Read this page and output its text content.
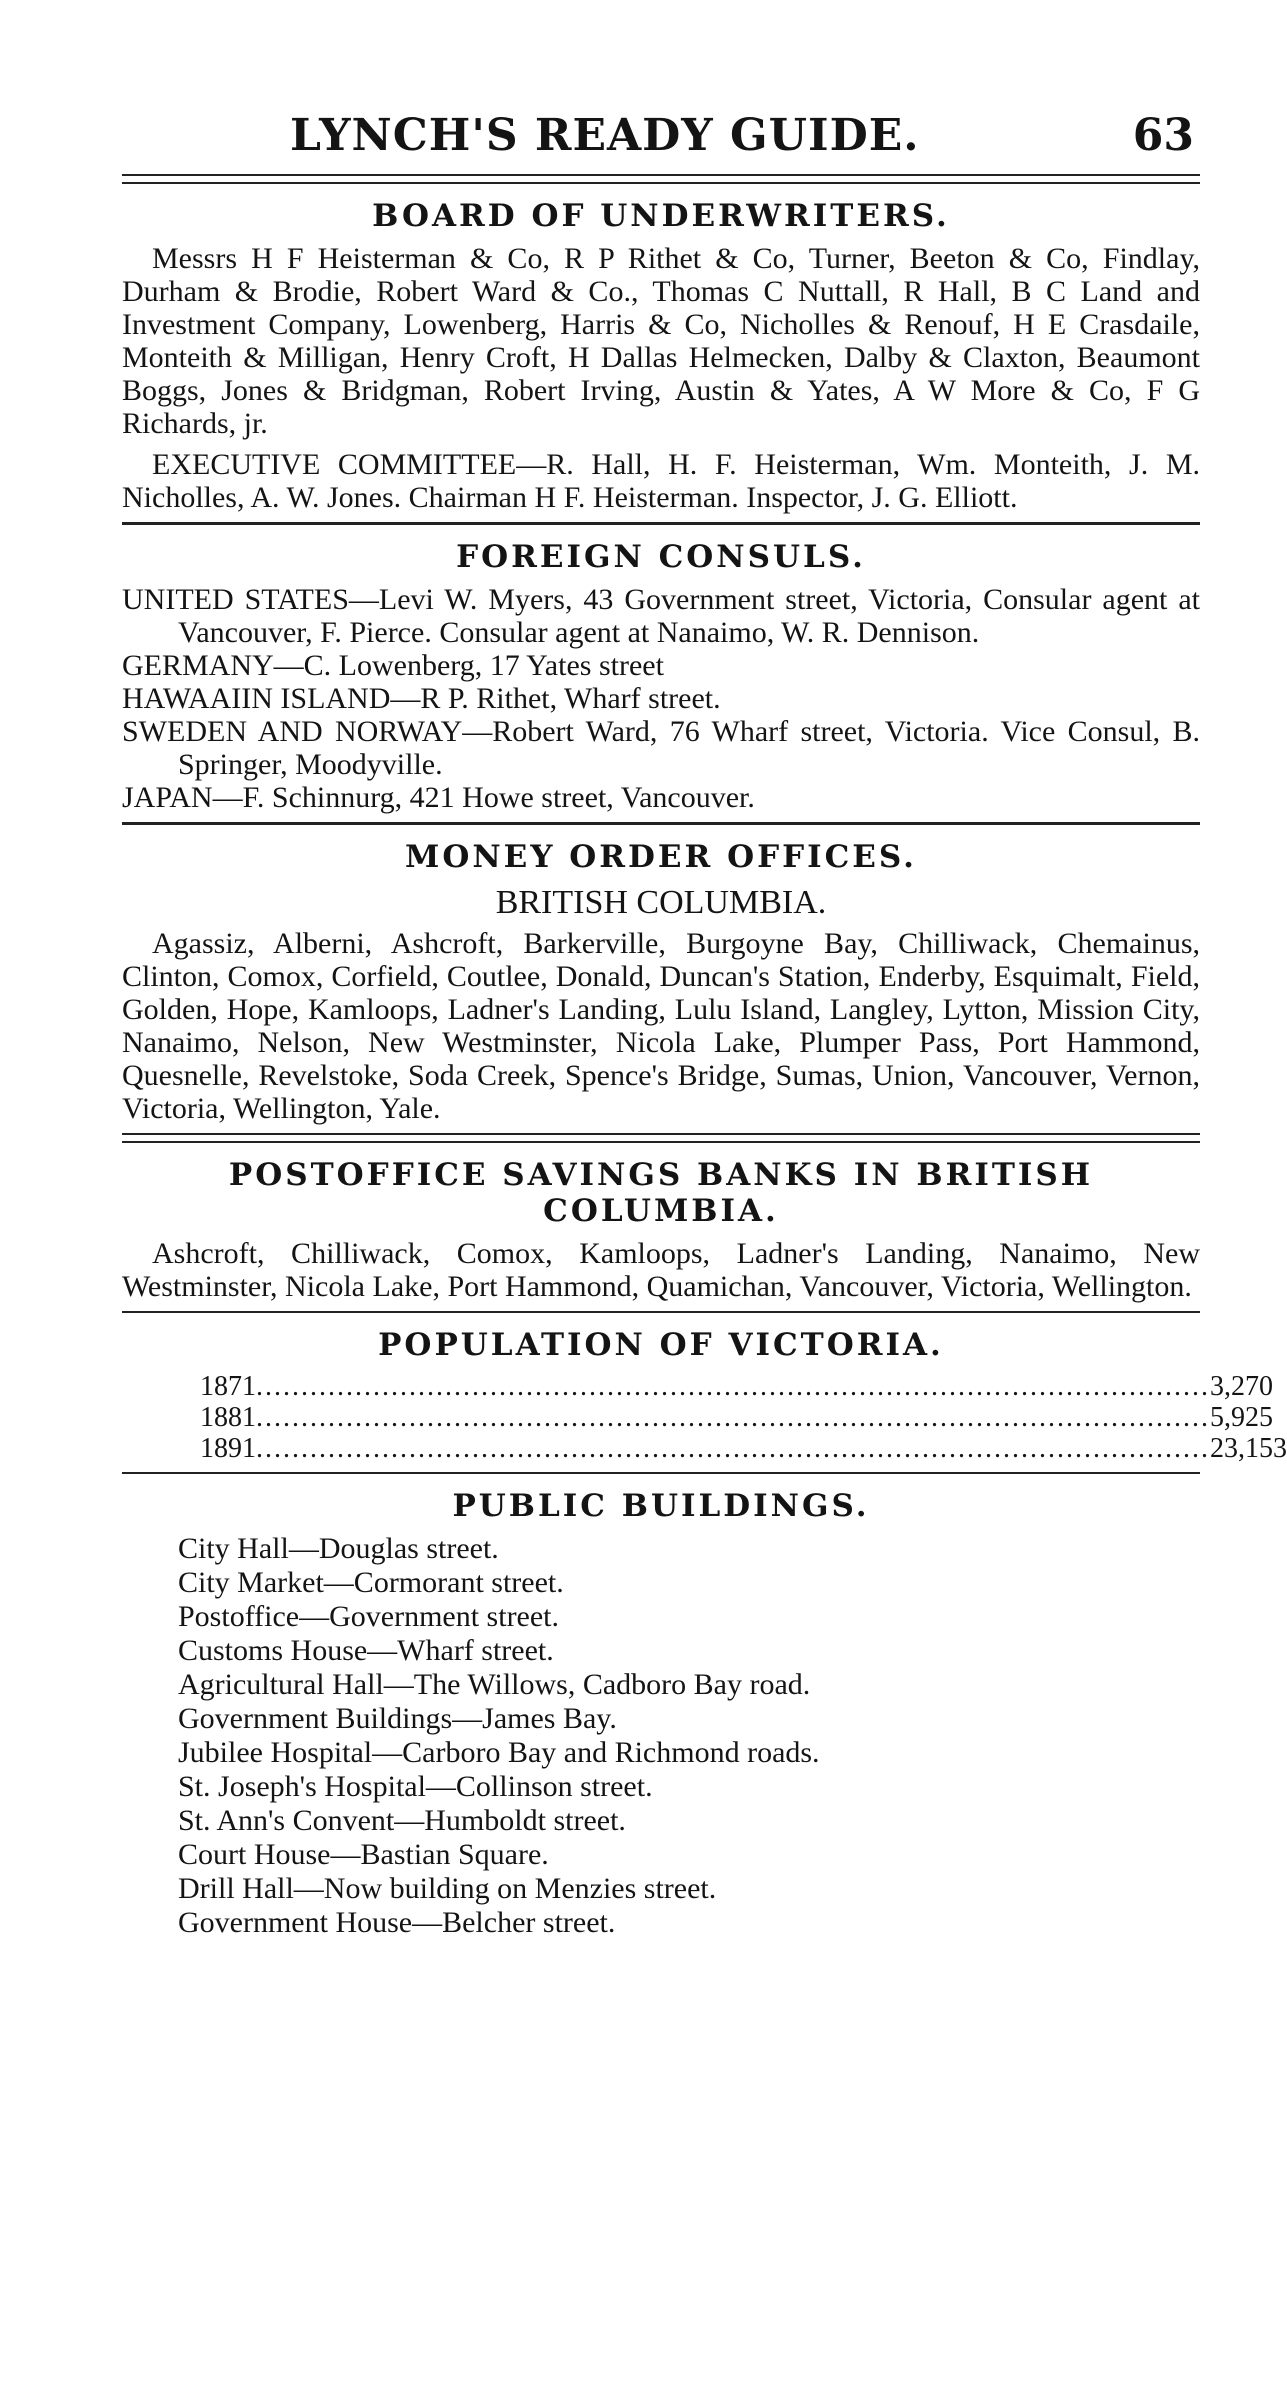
LYNCH'S READY GUIDE.	63
BOARD OF UNDERWRITERS.

Messrs H F Heisterman & Co, R P Rithet & Co, Turner, Beeton & Co, Findlay, Durham & Brodie, Robert Ward & Co., Thomas C Nuttall, R Hall, B C Land and Investment Company, Lowenberg, Harris & Co, Nicholles & Renouf, H E Crasdaile, Monteith & Milligan, Henry Croft, H Dallas Helmecken, Dalby & Claxton, Beaumont Boggs, Jones & Bridgman, Robert Irving, Austin & Yates, A W More & Co, F G Richards, jr.

EXECUTIVE COMMITTEE—R. Hall, H. F. Heisterman, Wm. Monteith, J. M. Nicholles, A. W. Jones. Chairman H F. Heisterman. Inspector, J. G. Elliott.

FOREIGN CONSULS.
UNITED STATES—Levi W. Myers, 43 Government street, Victoria, Consular agent at Vancouver, F. Pierce. Consular agent at Nanaimo, W. R. Dennison.
GERMANY—C. Lowenberg, 17 Yates street
HAWAAIIN ISLAND—R P. Rithet, Wharf street.
SWEDEN AND NORWAY—Robert Ward, 76 Wharf street, Victoria. Vice Consul, B. Springer, Moodyville.
JAPAN—F. Schinnurg, 421 Howe street, Vancouver.
MONEY ORDER OFFICES.
BRITISH COLUMBIA.

Agassiz, Alberni, Ashcroft, Barkerville, Burgoyne Bay, Chilliwack, Chemainus, Clinton, Comox, Corfield, Coutlee, Donald, Duncan's Station, Enderby, Esquimalt, Field, Golden, Hope, Kamloops, Ladner's Landing, Lulu Island, Langley, Lytton, Mission City, Nanaimo, Nelson, New Westminster, Nicola Lake, Plumper Pass, Port Hammond, Quesnelle, Revelstoke, Soda Creek, Spence's Bridge, Sumas, Union, Vancouver, Vernon, Victoria, Wellington, Yale.

POSTOFFICE SAVINGS BANKS IN BRITISH COLUMBIA.

Ashcroft, Chilliwack, Comox, Kamloops, Ladner's Landing, Nanaimo, New Westminster, Nicola Lake, Port Hammond, Quamichan, Vancouver, Victoria, Wellington.

POPULATION OF VICTORIA.
1871 .......................................................................................................... 3,270
1881 .......................................................................................................... 5,925
1891 .......................................................................................................... 23,153
PUBLIC BUILDINGS.
City Hall—Douglas street.
City Market—Cormorant street.
Postoffice—Government street.
Customs House—Wharf street.
Agricultural Hall—The Willows, Cadboro Bay road.
Government Buildings—James Bay.
Jubilee Hospital—Carboro Bay and Richmond roads.
St. Joseph's Hospital—Collinson street.
St. Ann's Convent—Humboldt street.
Court House—Bastian Square.
Drill Hall—Now building on Menzies street.
Government House—Belcher street.
